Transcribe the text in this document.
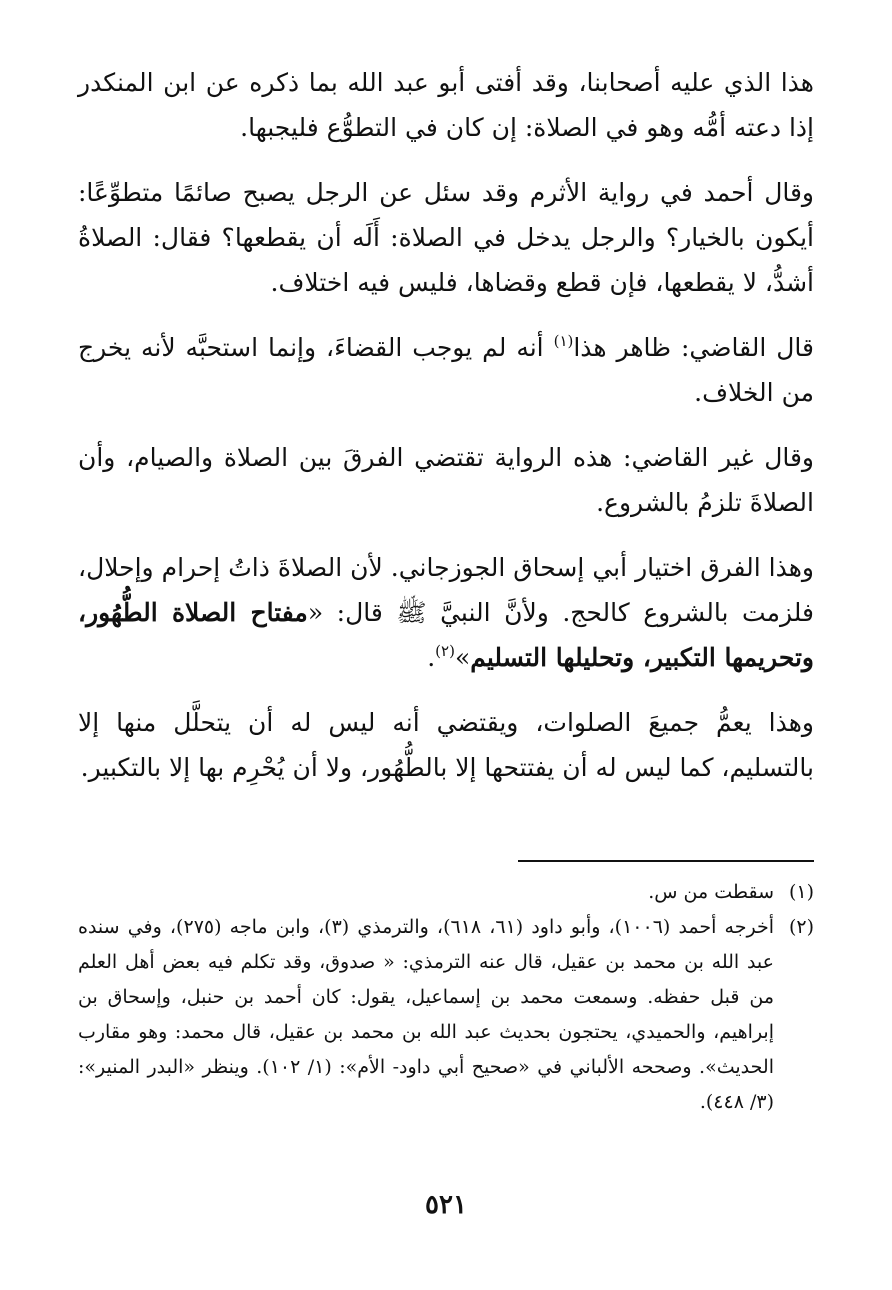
هذا الذي عليه أصحابنا، وقد أفتى أبو عبد الله بما ذكره عن ابن المنكدر إذا دعته أمُّه وهو في الصلاة: إن كان في التطوُّع فليجبها.

وقال أحمد في رواية الأثرم وقد سئل عن الرجل يصبح صائمًا متطوِّعًا: أيكون بالخيار؟ والرجل يدخل في الصلاة: أَلَه أن يقطعها؟ فقال: الصلاةُ أشدُّ، لا يقطعها، فإن قطع وقضاها، فليس فيه اختلاف.

قال القاضي: ظاهر هذا$^{(١)}$ أنه لم يوجب القضاءَ، وإنما استحبَّه لأنه يخرج من الخلاف.

وقال غير القاضي: هذه الرواية تقتضي الفرقَ بين الصلاة والصيام، وأن الصلاةَ تلزمُ بالشروع.

وهذا الفرق اختيار أبي إسحاق الجوزجاني. لأن الصلاةَ ذاتُ إحرام وإحلال، فلزمت بالشروع كالحج. ولأنَّ النبيَّ ﷺ قال: «مفتاح الصلاة الطُّهُور، وتحريمها التكبير، وتحليلها التسليم»$^{(٢)}$.

وهذا يعمُّ جميعَ الصلوات، ويقتضي أنه ليس له أن يتحلَّل منها إلا بالتسليم، كما ليس له أن يفتتحها إلا بالطُّهُور، ولا أن يُحْرِم بها إلا بالتكبير.

(١)سقطت من س.

(٢)أخرجه أحمد (١٠٠٦)، وأبو داود (٦١، ٦١٨)، والترمذي (٣)، وابن ماجه (٢٧٥)، وفي سنده عبد الله بن محمد بن عقيل، قال عنه الترمذي: « صدوق، وقد تكلم فيه بعض أهل العلم من قبل حفظه. وسمعت محمد بن إسماعيل، يقول: كان أحمد بن حنبل، وإسحاق بن إبراهيم، والحميدي، يحتجون بحديث عبد الله بن محمد بن عقيل، قال محمد: وهو مقارب الحديث». وصححه الألباني في «صحيح أبي داود- الأم»: (١/ ١٠٢). وينظر «البدر المنير»: (٣/ ٤٤٨).

٥٢١
